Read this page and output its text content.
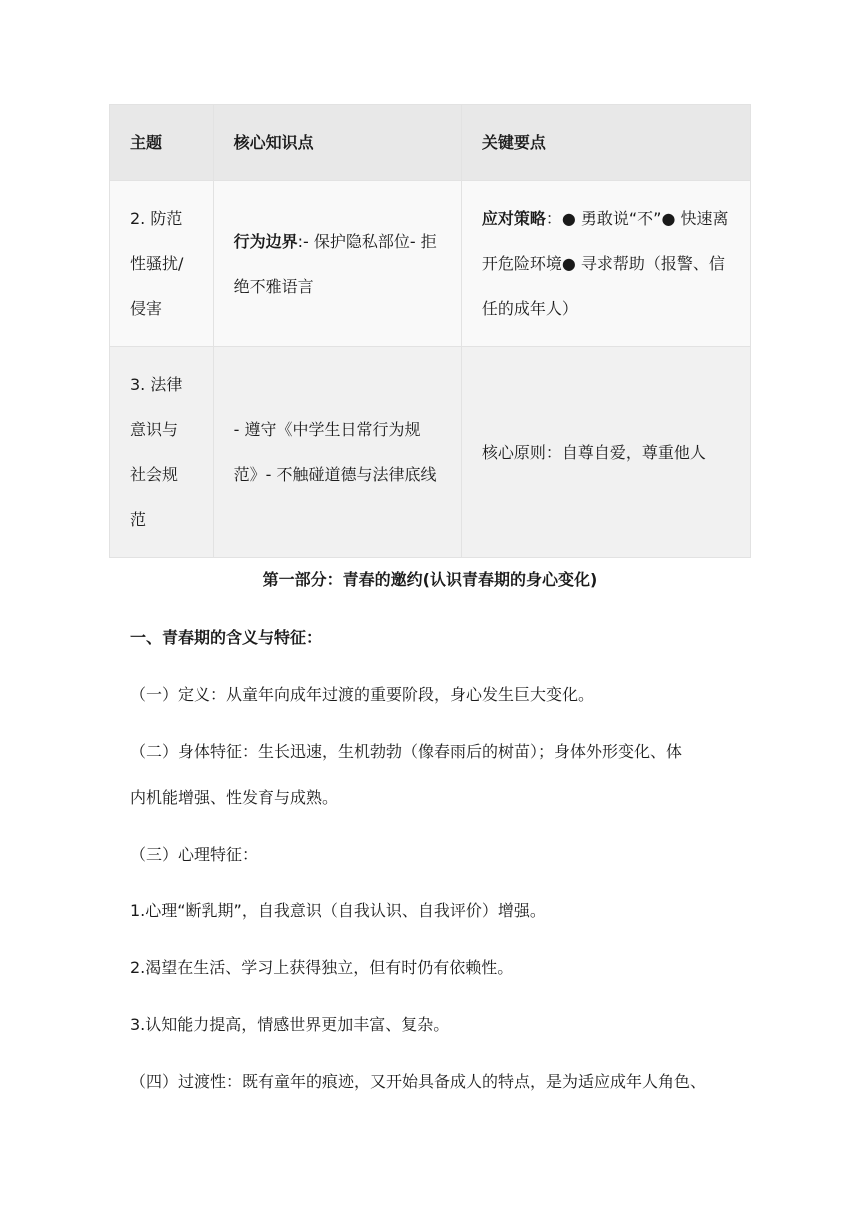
主题	核心知识点	关键要点
2. 防范性骚扰/侵害	行为边界:- 保护隐私部位- 拒绝不雅语言	应对策略：● 勇敢说“不”● 快速离开危险环境● 寻求帮助（报警、信任的成年人）
3. 法律意识与社会规范	- 遵守《中学生日常行为规范》- 不触碰道德与法律底线	核心原则：自尊自爱，尊重他人
第一部分：青春的邀约(认识青春期的身心变化)
一、青春期的含义与特征：
（一）定义：从童年向成年过渡的重要阶段，身心发生巨大变化。
（二）身体特征：生长迅速，生机勃勃（像春雨后的树苗）；身体外形变化、体
内机能增强、性发育与成熟。
（三）心理特征：
1.心理“断乳期”，自我意识（自我认识、自我评价）增强。
2.渴望在生活、学习上获得独立，但有时仍有依赖性。
3.认知能力提高，情感世界更加丰富、复杂。
（四）过渡性：既有童年的痕迹，又开始具备成人的特点，是为适应成年人角色、
